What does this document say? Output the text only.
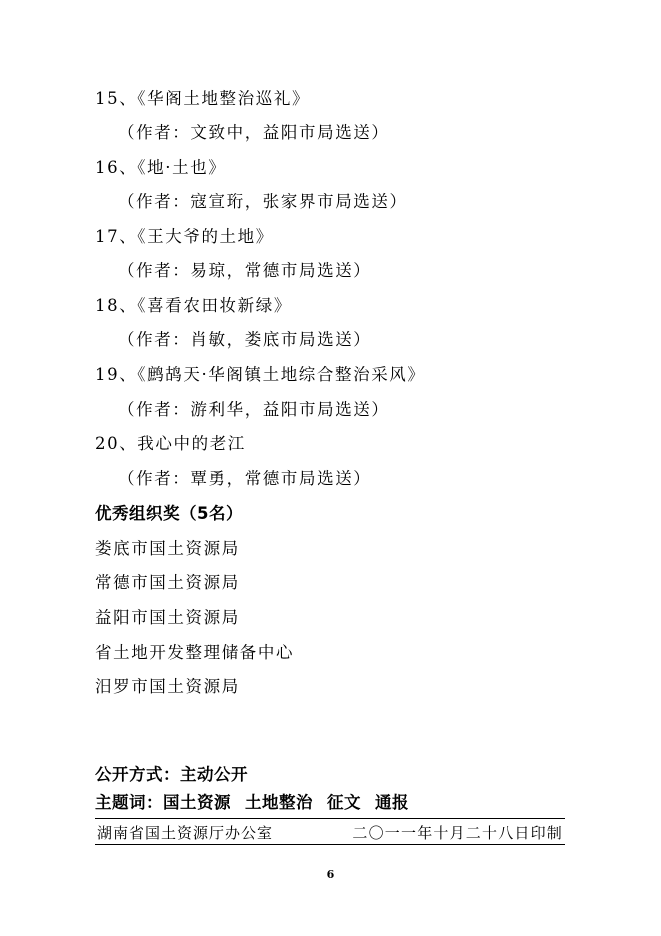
15、《华阁土地整治巡礼》
（作者：文致中，益阳市局选送）
16、《地·土也》
（作者：寇宣珩，张家界市局选送）
17、《王大爷的土地》
（作者：易琼，常德市局选送）
18、《喜看农田妆新绿》
（作者：肖敏，娄底市局选送）
19、《鹧鸪天·华阁镇土地综合整治采风》
（作者：游利华，益阳市局选送）
20、我心中的老江
（作者：覃勇，常德市局选送）
优秀组织奖（5名）
娄底市国土资源局
常德市国土资源局
益阳市国土资源局
省土地开发整理储备中心
汨罗市国土资源局
公开方式：主动公开
主题词：国土资源 土地整治 征文 通报
湖南省国土资源厅办公室	二〇一一年十月二十八日印制
6
